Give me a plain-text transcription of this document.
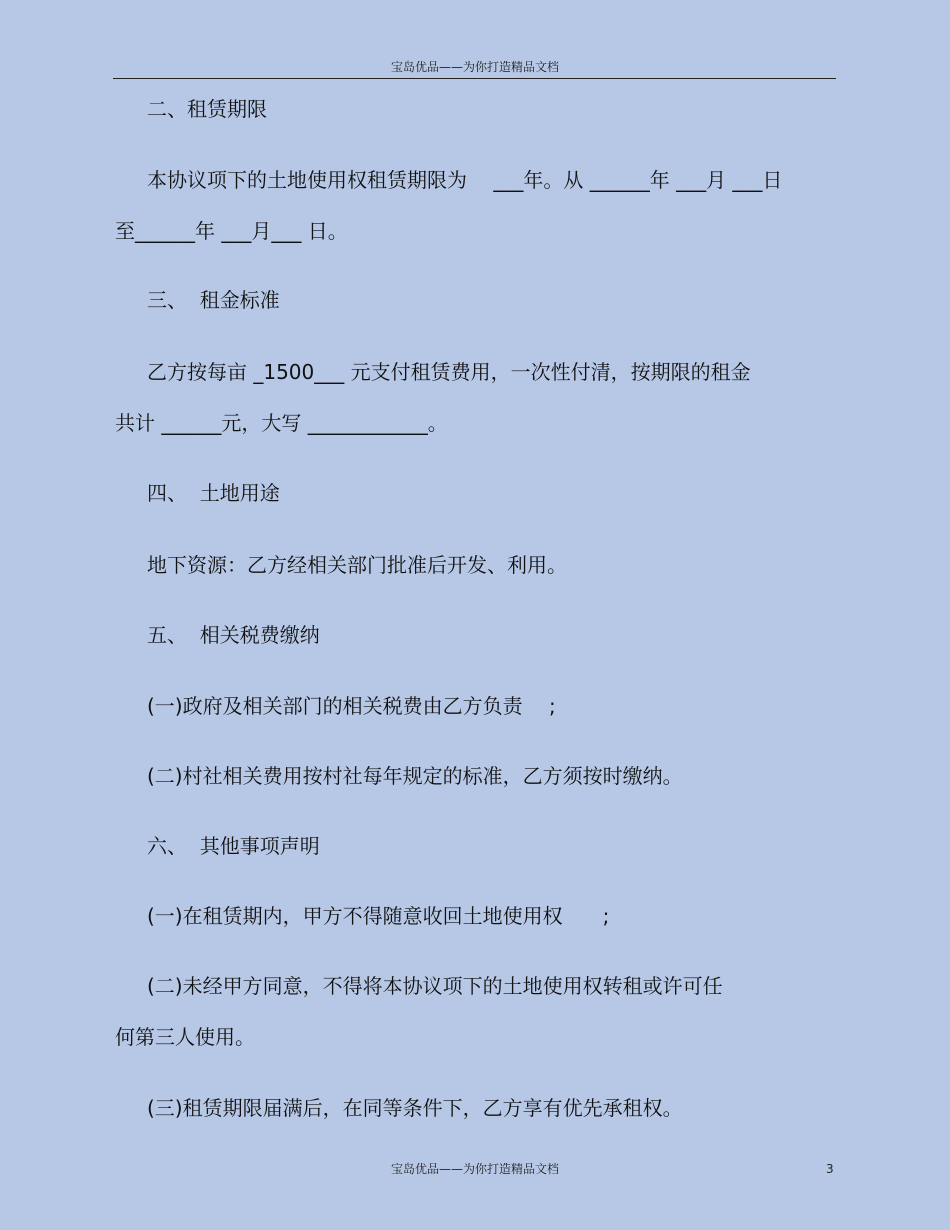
宝岛优品——为你打造精品文档
二、租赁期限
本协议项下的土地使用权租赁期限为　 ___年。从 ______年 ___月 ___日
至______年 ___月___ 日。
三、  租金标准
乙方按每亩 _1500___ 元支付租赁费用，一次性付清，按期限的租金
共计 ______元，大写 ____________。
四、  土地用途
地下资源：乙方经相关部门批准后开发、利用。
五、  相关税费缴纳
(一)政府及相关部门的相关税费由乙方负责　 ;
(二)村社相关费用按村社每年规定的标准，乙方须按时缴纳。
六、  其他事项声明
(一)在租赁期内，甲方不得随意收回土地使用权　　;
(二)未经甲方同意，不得将本协议项下的土地使用权转租或许可任
何第三人使用。
(三)租赁期限届满后，在同等条件下，乙方享有优先承租权。
宝岛优品——为你打造精品文档	3
